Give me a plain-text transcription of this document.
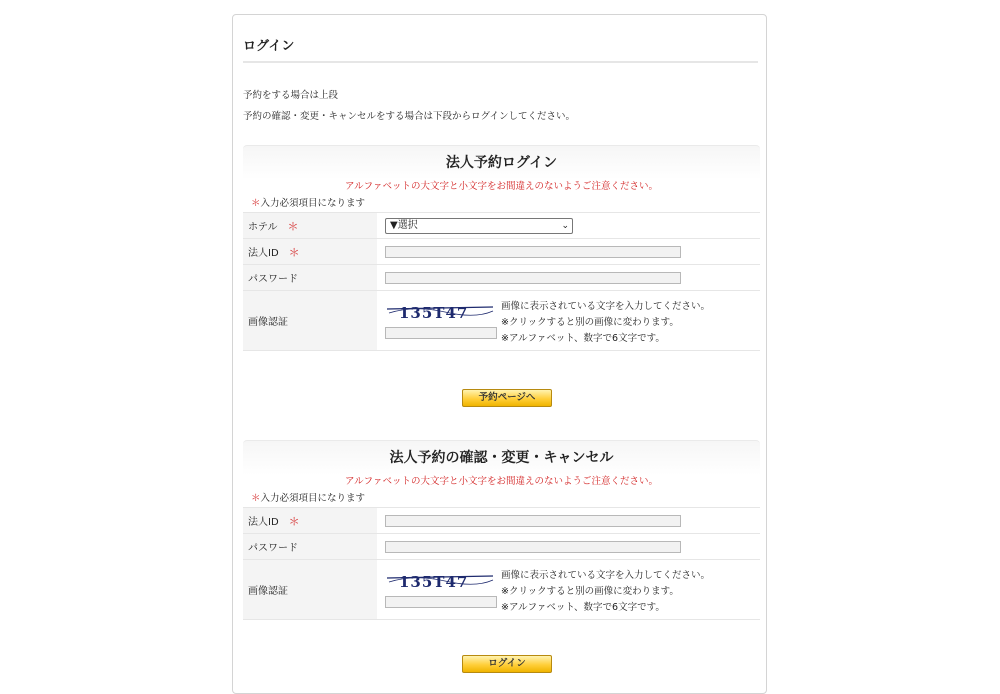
ログイン
予約をする場合は上段
予約の確認・変更・キャンセルをする場合は下段からログインしてください。
法人予約ログイン
アルファベットの大文字と小文字をお間違えのないようご注意ください。
＊入力必須項目になります
ホテル ＊	▼選択 ⌄

法人ID ＊	

パスワード	

画像認証	135T47 画像に表示されている文字を入力してください。
※クリックすると別の画像に変わります。
※アルファベット、数字で6文字です。
予約ページへ
法人予約の確認・変更・キャンセル
アルファベットの大文字と小文字をお間違えのないようご注意ください。
＊入力必須項目になります
法人ID ＊	

パスワード	

画像認証	135T47 画像に表示されている文字を入力してください。
※クリックすると別の画像に変わります。
※アルファベット、数字で6文字です。
ログイン
